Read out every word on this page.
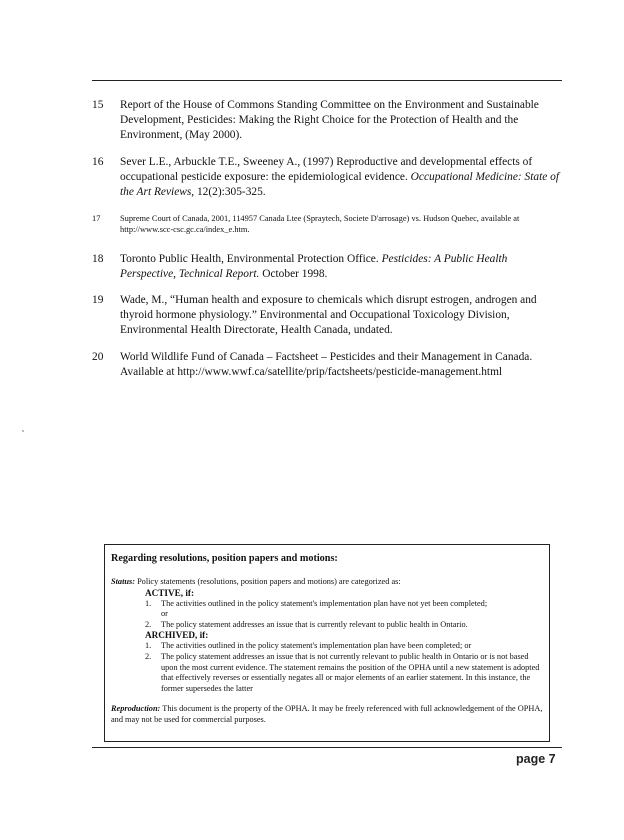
15	Report of the House of Commons Standing Committee on the Environment and Sustainable Development, Pesticides: Making the Right Choice for the Protection of Health and the Environment, (May 2000).
16	Sever L.E., Arbuckle T.E., Sweeney A., (1997) Reproductive and developmental effects of occupational pesticide exposure: the epidemiological evidence. Occupational Medicine: State of the Art Reviews, 12(2):305-325.
17	Supreme Court of Canada, 2001, 114957 Canada Ltee (Spraytech, Societe D'arrosage) vs. Hudson Quebec, available at http://www.scc-csc.gc.ca/index_e.htm.
18	Toronto Public Health, Environmental Protection Office. Pesticides: A Public Health Perspective, Technical Report. October 1998.
19	Wade, M., “Human health and exposure to chemicals which disrupt estrogen, androgen and thyroid hormone physiology.” Environmental and Occupational Toxicology Division, Environmental Health Directorate, Health Canada, undated.
20	World Wildlife Fund of Canada – Factsheet – Pesticides and their Management in Canada. Available at http://www.wwf.ca/satellite/prip/factsheets/pesticide-management.html
Regarding resolutions, position papers and motions:
Status: Policy statements (resolutions, position papers and motions) are categorized as:
ACTIVE, if:
1. The activities outlined in the policy statement's implementation plan have not yet been completed;
or
2. The policy statement addresses an issue that is currently relevant to public health in Ontario.
ARCHIVED, if:
1. The activities outlined in the policy statement's implementation plan have been completed; or
2. The policy statement addresses an issue that is not currently relevant to public health in Ontario or is not based upon the most current evidence. The statement remains the position of the OPHA until a new statement is adopted that effectively reverses or essentially negates all or major elements of an earlier statement. In this instance, the former supersedes the latter
Reproduction: This document is the property of the OPHA. It may be freely referenced with full acknowledgement of the OPHA, and may not be used for commercial purposes.
page 7
